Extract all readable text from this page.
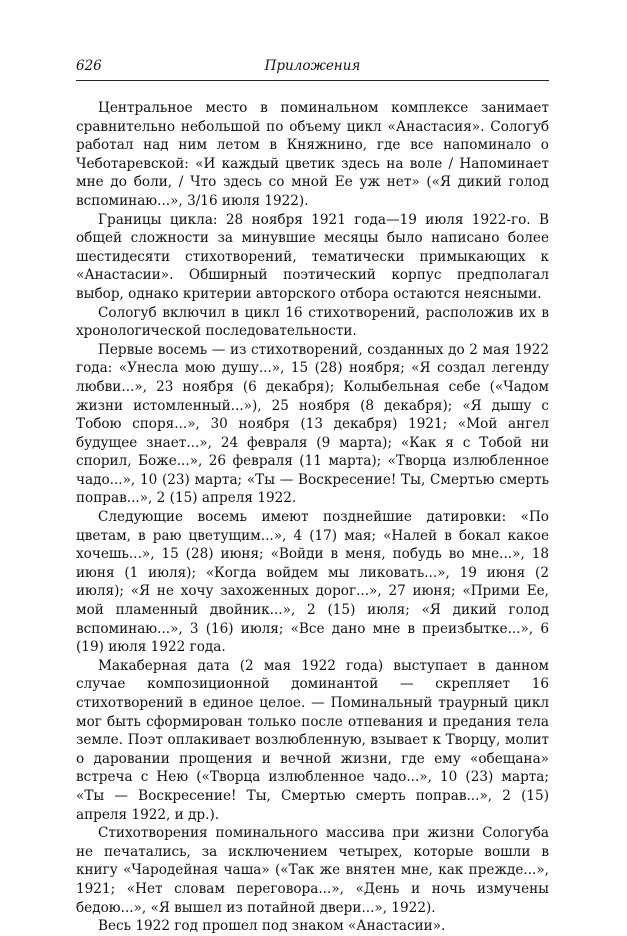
626	Приложения

Центральное место в поминальном комплексе занимает сравнительно небольшой по объему цикл «Анастасия». Сологуб работал над ним летом в Княжнино, где все напоминало о Чеботаревской: «И каждый цветик здесь на воле / Напоминает мне до боли, / Что здесь со мной Ее уж нет» («Я дикий голод вспоминаю...», 3/16 июля 1922).

Границы цикла: 28 ноября 1921 года—19 июля 1922-го. В общей сложности за минувшие месяцы было написано более шестидесяти стихотворений, тематически примыкающих к «Анастасии». Обширный поэтический корпус предполагал выбор, однако критерии авторского отбора остаются неясными.

Сологуб включил в цикл 16 стихотворений, расположив их в хронологической последовательности.

Первые восемь — из стихотворений, созданных до 2 мая 1922 года: «Унесла мою душу...», 15 (28) ноября; «Я создал легенду любви...», 23 ноября (6 декабря); Колыбельная себе («Чадом жизни истомленный...»), 25 ноября (8 декабря); «Я дышу с Тобою споря...», 30 ноября (13 декабря) 1921; «Мой ангел будущее знает...», 24 февраля (9 марта); «Как я с Тобой ни спорил, Боже...», 26 февраля (11 марта); «Творца излюбленное чадо...», 10 (23) марта; «Ты — Воскресение! Ты, Смертью смерть поправ...», 2 (15) апреля 1922.

Следующие восемь имеют позднейшие датировки: «По цветам, в раю цветущим...», 4 (17) мая; «Налей в бокал какое хочешь...», 15 (28) июня; «Войди в меня, побудь во мне...», 18 июня (1 июля); «Когда войдем мы ликовать...», 19 июня (2 июля); «Я не хочу захоженных дорог...», 27 июня; «Прими Ее, мой пламенный двойник...», 2 (15) июля; «Я дикий голод вспоминаю...», 3 (16) июля; «Все дано мне в преизбытке...», 6 (19) июля 1922 года.

Макаберная дата (2 мая 1922 года) выступает в данном случае композиционной доминантой — скрепляет 16 стихотворений в единое целое. — Поминальный траурный цикл мог быть сформирован только после отпевания и предания тела земле. Поэт оплакивает возлюбленную, взывает к Творцу, молит о даровании прощения и вечной жизни, где ему «обещана» встреча с Нею («Творца излюбленное чадо...», 10 (23) марта; «Ты — Воскресение! Ты, Смертью смерть поправ...», 2 (15) апреля 1922, и др.).

Стихотворения поминального массива при жизни Сологуба не печатались, за исключением четырех, которые вошли в книгу «Чародейная чаша» («Так же внятен мне, как прежде...», 1921; «Нет словам переговора...», «День и ночь измучены бедою...», «Я вышел из потайной двери...», 1922).

Весь 1922 год прошел под знаком «Анастасии».
